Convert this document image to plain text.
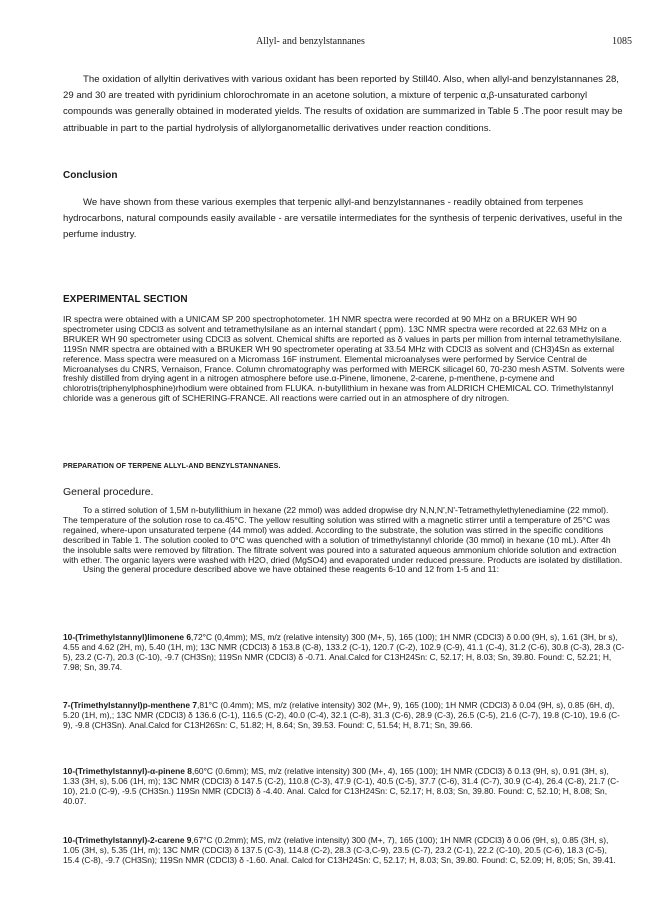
Allyl- and benzylstannanes	1085

The oxidation of allyltin derivatives with various oxidant has been reported by Still40. Also, when allyl-and benzylstannanes 28, 29 and 30 are treated with pyridinium chlorochromate in an acetone solution, a mixture of terpenic α,β-unsaturated carbonyl compounds was generally obtained in moderated yields. The results of oxidation are summarized in Table 5 .The poor result may be attribuable in part to the partial hydrolysis of allylorganometallic derivatives under reaction conditions.

Conclusion

We have shown from these various exemples that terpenic allyl-and benzylstannanes - readily obtained from terpenes hydrocarbons, natural compounds easily available - are versatile intermediates for the synthesis of terpenic derivatives, useful in the perfume industry.

EXPERIMENTAL SECTION

IR spectra were obtained with a UNICAM SP 200 spectrophotometer. 1H NMR spectra were recorded at 90 MHz on a BRUKER WH 90 spectrometer using CDCl3 as solvent and tetramethylsilane as an internal standart ( ppm). 13C NMR spectra were recorded at 22.63 MHz on a BRUKER WH 90 spectrometer using CDCl3 as solvent. Chemical shifts are reported as δ values in parts per million from internal tetramethylsilane. 119Sn NMR spectra are obtained with a BRUKER WH 90 spectrometer operating at 33.54 MHz with CDCl3 as solvent and (CH3)4Sn as external reference. Mass spectra were measured on a Micromass 16F instrument. Elemental microanalyses were performed by Service Central de Microanalyses du CNRS, Vernaison, France. Column chromatography was performed with MERCK silicagel 60, 70-230 mesh ASTM. Solvents were freshly distilled from drying agent in a nitrogen atmosphere before use.α-Pinene, limonene, 2-carene, p-menthene, p-cymene and chlorotris(triphenylphosphine)rhodium were obtained from FLUKA. n-butyllithium in hexane was from ALDRICH CHEMICAL CO. Trimethylstannyl chloride was a generous gift of SCHERING-FRANCE. All reactions were carried out in an atmosphere of dry nitrogen.

PREPARATION OF TERPENE ALLYL-AND BENZYLSTANNANES.

General procedure.

To a stirred solution of 1,5M n-butyllithium in hexane (22 mmol) was added dropwise dry N,N,N',N'-Tetramethylethylenediamine (22 mmol). The temperature of the solution rose to ca.45°C. The yellow resulting solution was stirred with a magnetic stirrer until a temperature of 25°C was regained, where-upon unsaturated terpene (44 mmol) was added. According to the substrate, the solution was stirred in the specific conditions described in Table 1. The solution cooled to 0°C was quenched with a solution of trimethylstannyl chloride (30 mmol) in hexane (10 mL). After 4h the insoluble salts were removed by filtration. The filtrate solvent was poured into a saturated aqueous ammonium chloride solution and extraction with ether. The organic layers were washed with H2O, dried (MgSO4) and evaporated under reduced pressure. Products are isolated by distillation.

Using the general procedure described above we have obtained these reagents 6-10 and 12 from 1-5 and 11:

10-(Trimethylstannyl)limonene 6,72°C (0,4mm); MS, m/z (relative intensity) 300 (M+, 5), 165 (100); 1H NMR (CDCl3) δ 0.00 (9H, s), 1.61 (3H, br s), 4.55 and 4.62 (2H, m), 5.40 (1H, m); 13C NMR (CDCl3) δ 153.8 (C-8), 133.2 (C-1), 120.7 (C-2), 102.9 (C-9), 41.1 (C-4), 31.2 (C-6), 30.8 (C-3), 28.3 (C-5), 23.2 (C-7), 20.3 (C-10), -9.7 (CH3Sn); 119Sn NMR (CDCl3) δ -0.71. Anal.Calcd for C13H24Sn: C, 52.17; H, 8.03; Sn, 39.80. Found: C, 52.21; H, 7.98; Sn, 39.74.

7-(Trimethylstannyl)p-menthene 7,81°C (0.4mm); MS, m/z (relative intensity) 302 (M+, 9), 165 (100); 1H NMR (CDCl3) δ 0.04 (9H, s), 0.85 (6H, d), 5.20 (1H, m),; 13C NMR (CDCl3) δ 136.6 (C-1), 116.5 (C-2), 40.0 (C-4), 32.1 (C-8), 31.3 (C-6), 28.9 (C-3), 26.5 (C-5), 21.6 (C-7), 19.8 (C-10), 19.6 (C-9), -9.8 (CH3Sn). Anal.Calcd for C13H26Sn: C, 51.82; H, 8.64; Sn, 39.53. Found: C, 51.54; H, 8.71; Sn, 39.66.

10-(Trimethylstannyl)-α-pinene 8,60°C (0.6mm); MS, m/z (relative intensity) 300 (M+, 4), 165 (100); 1H NMR (CDCl3) δ 0.13 (9H, s), 0.91 (3H, s), 1.33 (3H, s), 5.06 (1H, m); 13C NMR (CDCl3) δ 147.5 (C-2), 110.8 (C-3), 47.9 (C-1), 40.5 (C-5), 37.7 (C-6), 31.4 (C-7), 30.9 (C-4), 26.4 (C-8), 21.7 (C-10), 21.0 (C-9), -9.5 (CH3Sn.) 119Sn NMR (CDCl3) δ -4.40. Anal. Calcd for C13H24Sn: C, 52.17; H, 8.03; Sn, 39.80. Found: C, 52.10; H, 8.08; Sn, 40.07.

10-(Trimethylstannyl)-2-carene 9,67°C (0.2mm); MS, m/z (relative intensity) 300 (M+, 7), 165 (100); 1H NMR (CDCl3) δ 0.06 (9H, s), 0.85 (3H, s), 1.05 (3H, s), 5.35 (1H, m); 13C NMR (CDCl3) δ 137.5 (C-3), 114.8 (C-2), 28.3 (C-3,C-9), 23.5 (C-7), 23.2 (C-1), 22.2 (C-10), 20.5 (C-6), 18.3 (C-5), 15.4 (C-8), -9.7 (CH3Sn); 119Sn NMR (CDCl3) δ -1.60. Anal. Calcd for C13H24Sn: C, 52.17; H, 8.03; Sn, 39.80. Found: C, 52.09; H, 8;05; Sn, 39.41.
